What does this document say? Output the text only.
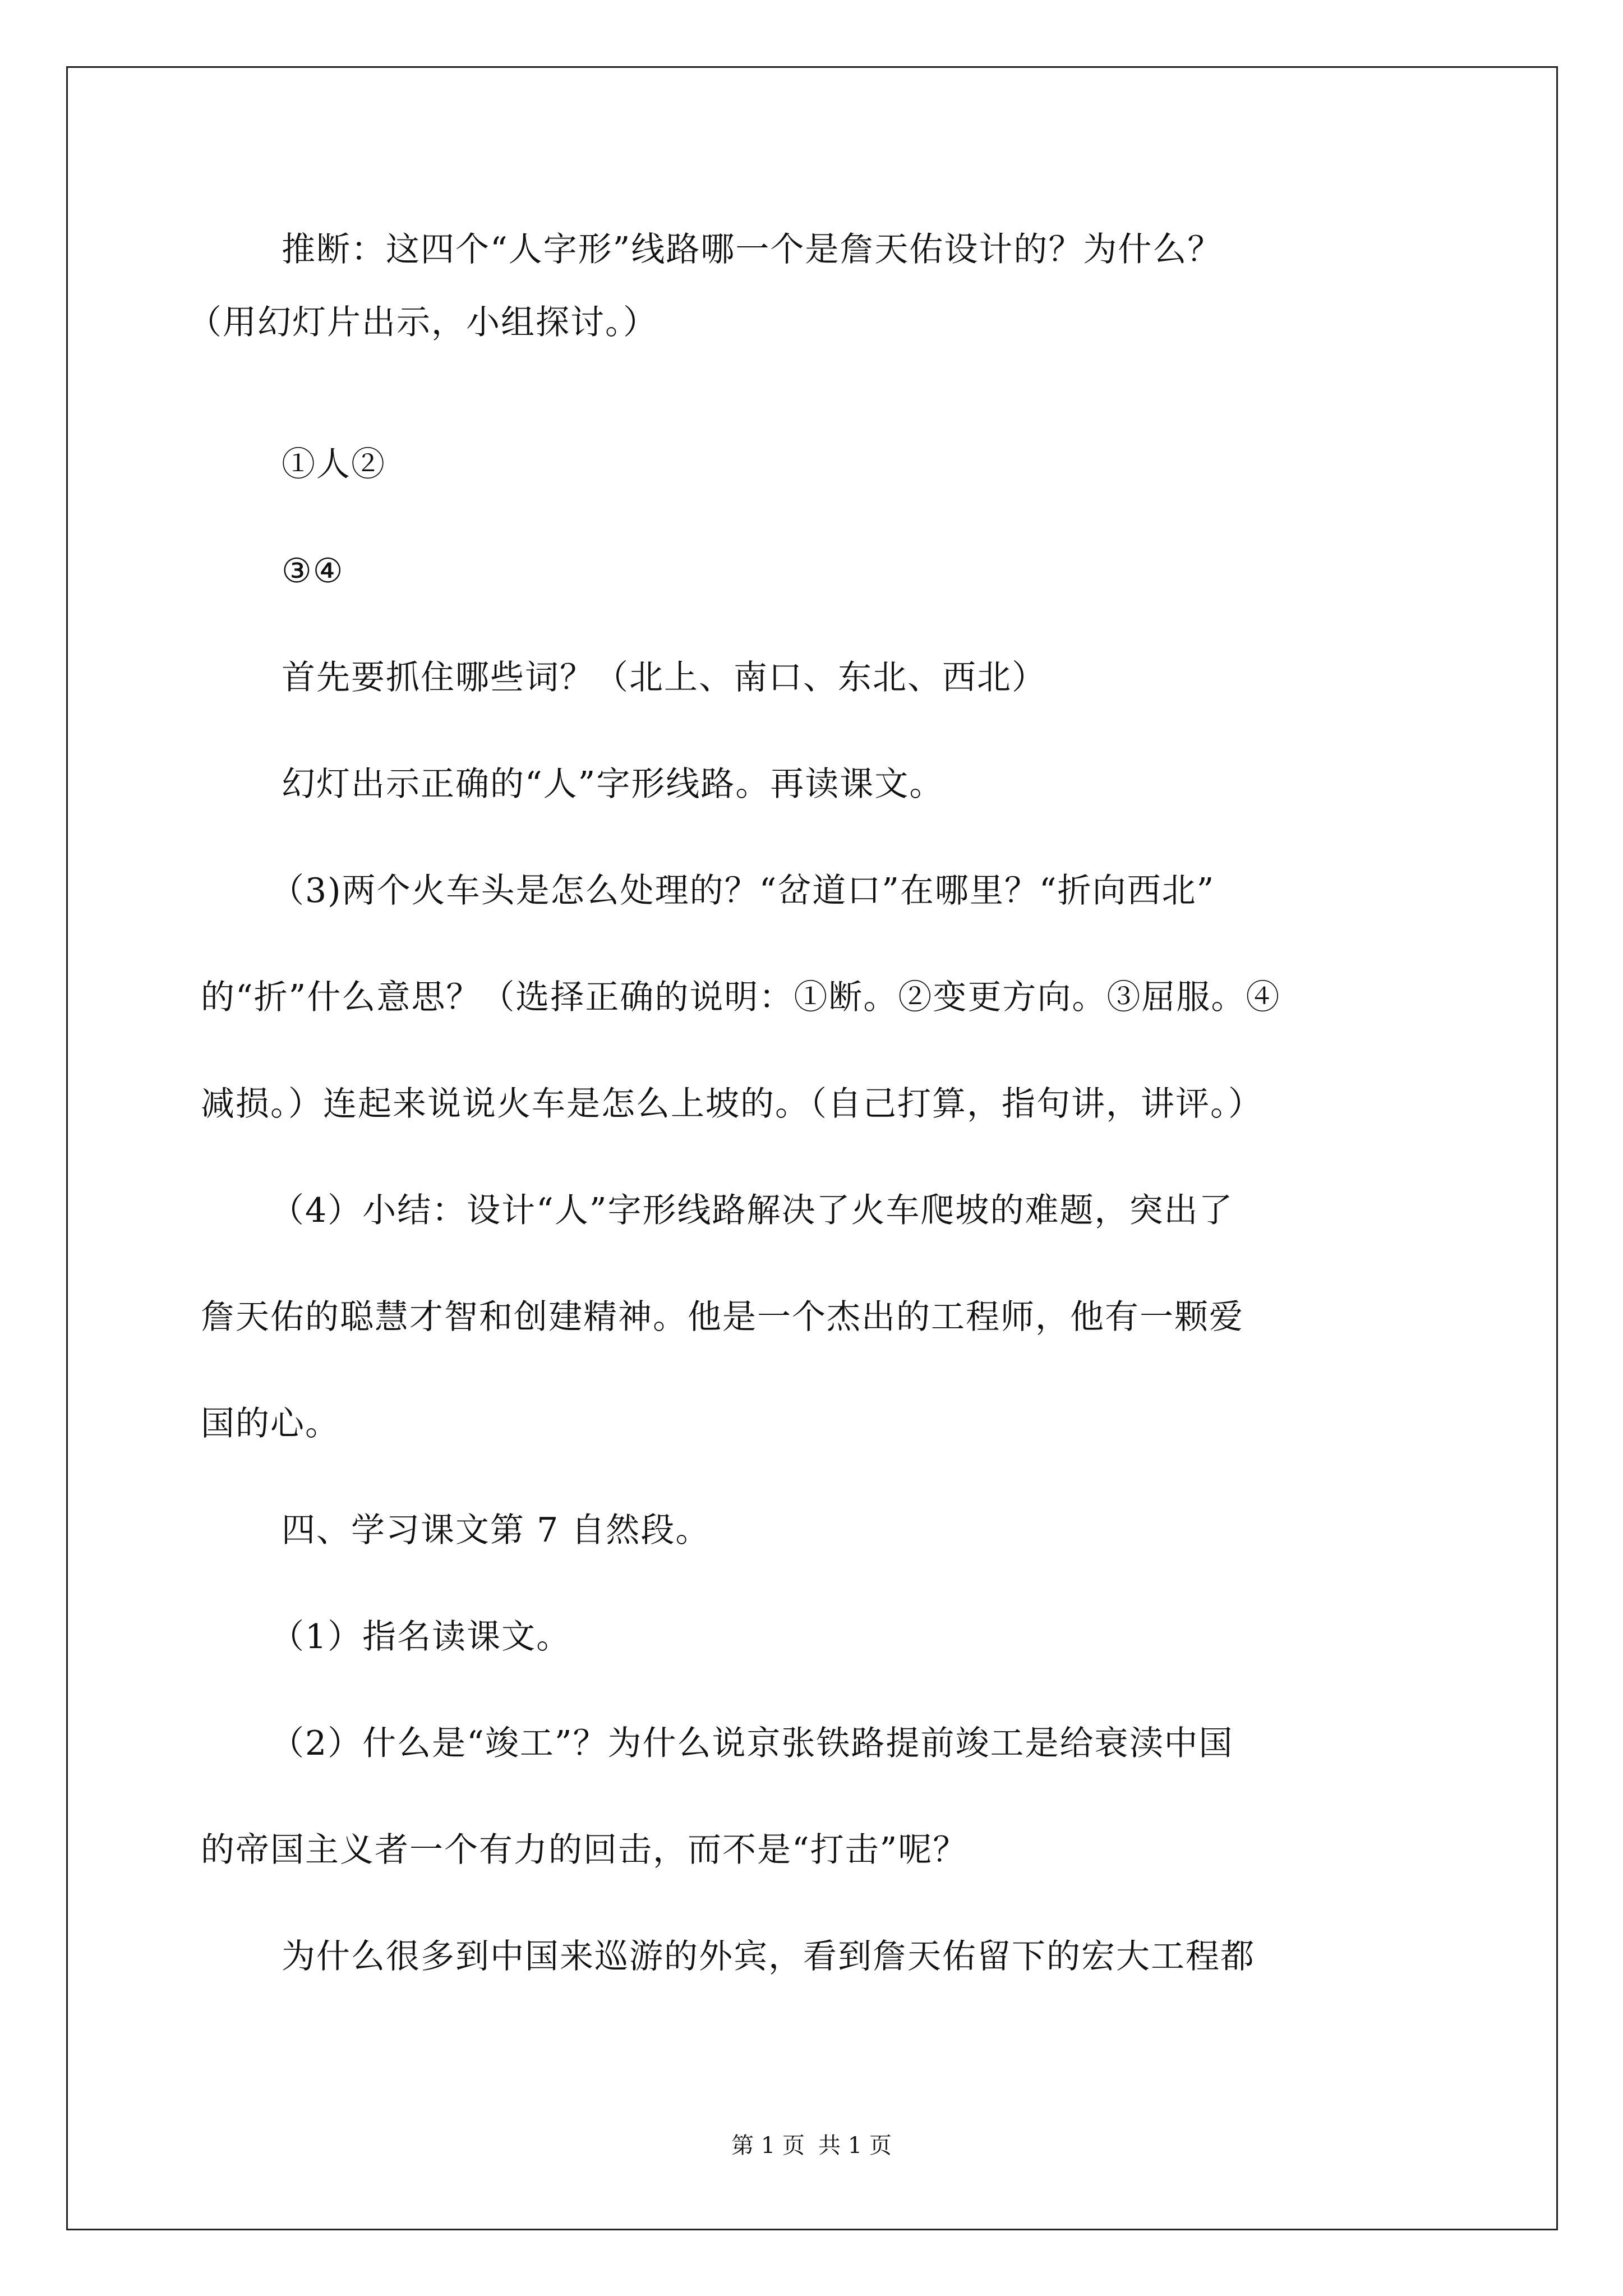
推断：这四个“人字形”线路哪一个是詹天佑设计的？为什么？
（用幻灯片出示，小组探讨。）
①人②
③④
首先要抓住哪些词？（北上、南口、东北、西北）
幻灯出示正确的“人”字形线路。再读课文。
（3)两个火车头是怎么处理的？“岔道口”在哪里？“折向西北”
的“折”什么意思？（选择正确的说明：①断。②变更方向。③屈服。④
减损。）连起来说说火车是怎么上坡的。（自己打算，指句讲，讲评。）
（4）小结：设计“人”字形线路解决了火车爬坡的难题，突出了
詹天佑的聪慧才智和创建精神。他是一个杰出的工程师，他有一颗爱
国的心。
四、学习课文第 7 自然段。
（1）指名读课文。
（2）什么是“竣工”？为什么说京张铁路提前竣工是给衰渎中国
的帝国主义者一个有力的回击，而不是“打击”呢？
为什么很多到中国来巡游的外宾，看到詹天佑留下的宏大工程都
第 1 页 共 1 页
